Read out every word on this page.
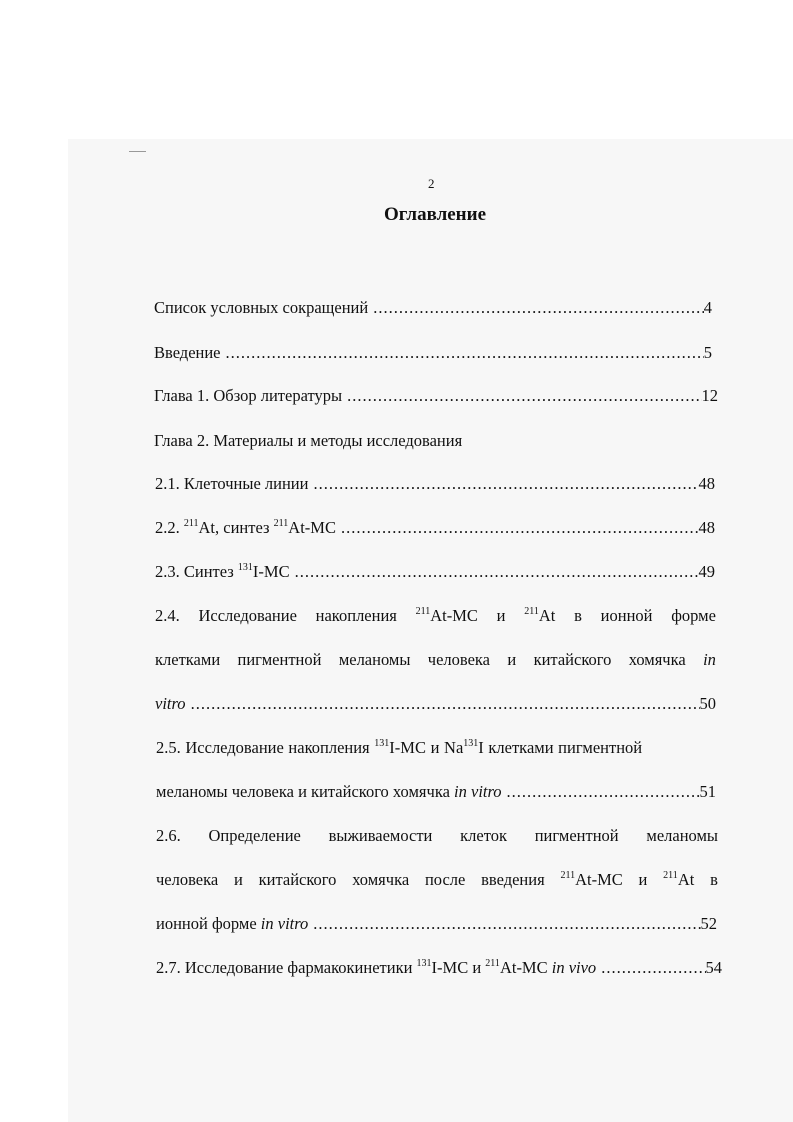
2
Оглавление
Список условных сокращений .....	4
Введение .....	5
Глава 1. Обзор литературы .....	12
Глава 2. Материалы и методы исследования
2.1. Клеточные линии .....	48
2.2. $^{211}$At, синтез $^{211}$At-МС .....	48
2.3. Синтез $^{131}$I-МС .....	49
2.4. Исследование накопления $^{211}$At-МС и $^{211}$At в ионной форме
клетками пигментной меланомы человека и китайского хомячка in
vitro .....	50
2.5. Исследование накопления $^{131}$I-МС и Na$^{131}$I клетками пигментной
меланомы человека и китайского хомячка in vitro .....	51
2.6. Определение выживаемости клеток пигментной меланомы
человека и китайского хомячка после введения $^{211}$At-МС и $^{211}$At в
ионной форме in vitro .....	52
2.7. Исследование фармакокинетики $^{131}$I-МС и $^{211}$At-МС in vivo .....	54
